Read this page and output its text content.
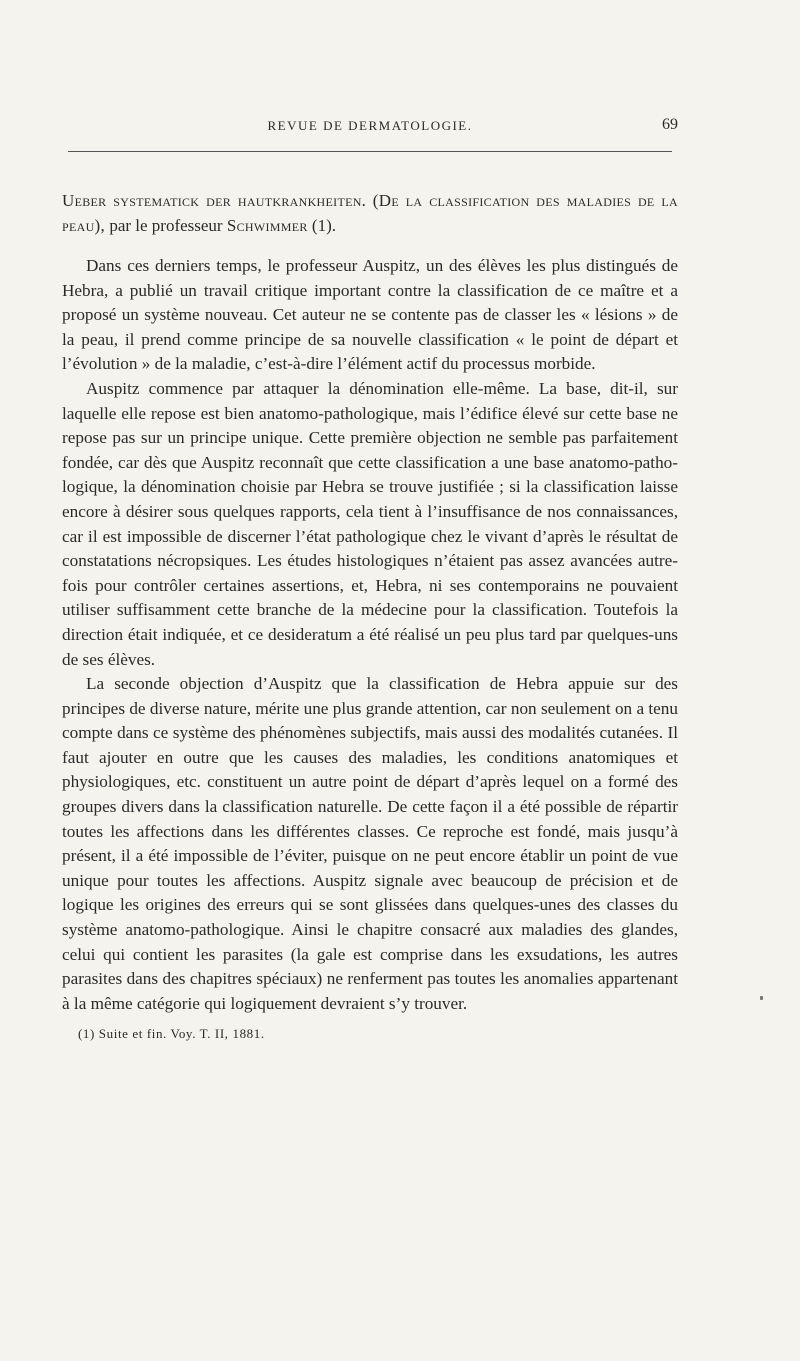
REVUE DE DERMATOLOGIE.	69
Ueber systematick der hautkrankheiten. (De la classification des maladies de la peau), par le professeur Schwimmer (1).

Dans ces derniers temps, le professeur Auspitz, un des élèves les plus distingués de Hebra, a publié un travail critique important contre la classification de ce maître et a proposé un système nouveau. Cet auteur ne se contente pas de classer les « lésions » de la peau, il prend comme principe de sa nouvelle classification « le point de départ et l’évolution » de la maladie, c’est-à-dire l’élément actif du processus morbide.

Auspitz commence par attaquer la dénomination elle-même. La base, dit-il, sur laquelle elle repose est bien anatomo-pathologique, mais l’édifice élevé sur cette base ne repose pas sur un principe unique. Cette première objection ne semble pas parfaitement fondée, car dès que Auspitz reconnaît que cette classification a une base anatomo-pathologique, la dénomination choisie par Hebra se trouve justifiée ; si la classification laisse encore à désirer sous quelques rapports, cela tient à l’insuffisance de nos connaissances, car il est impossible de discerner l’état pathologique chez le vivant d’après le résultat de constatations nécropsiques. Les études histologiques n’étaient pas assez avancées autrefois pour contrôler certaines assertions, et, Hebra, ni ses contemporains ne pouvaient utiliser suffisamment cette branche de la médecine pour la classification. Toutefois la direction était indiquée, et ce desideratum a été réalisé un peu plus tard par quelques-uns de ses élèves.

La seconde objection d’Auspitz que la classification de Hebra appuie sur des principes de diverse nature, mérite une plus grande attention, car non seulement on a tenu compte dans ce système des phénomènes subjectifs, mais aussi des modalités cutanées. Il faut ajouter en outre que les causes des maladies, les conditions anatomiques et physiologiques, etc. constituent un autre point de départ d’après lequel on a formé des groupes divers dans la classification naturelle. De cette façon il a été possible de répartir toutes les affections dans les différentes classes. Ce reproche est fondé, mais jusqu’à présent, il a été impossible de l’éviter, puisque on ne peut encore établir un point de vue unique pour toutes les affections. Auspitz signale avec beaucoup de précision et de logique les origines des erreurs qui se sont glissées dans quelques-unes des classes du système anatomo-pathologique. Ainsi le chapitre consacré aux maladies des glandes, celui qui contient les parasites (la gale est comprise dans les exsudations, les autres parasites dans des chapitres spéciaux) ne renferment pas toutes les anomalies appartenant à la même catégorie qui logiquement devraient s’y trouver.

(1) Suite et fin. Voy. T. II, 1881.
